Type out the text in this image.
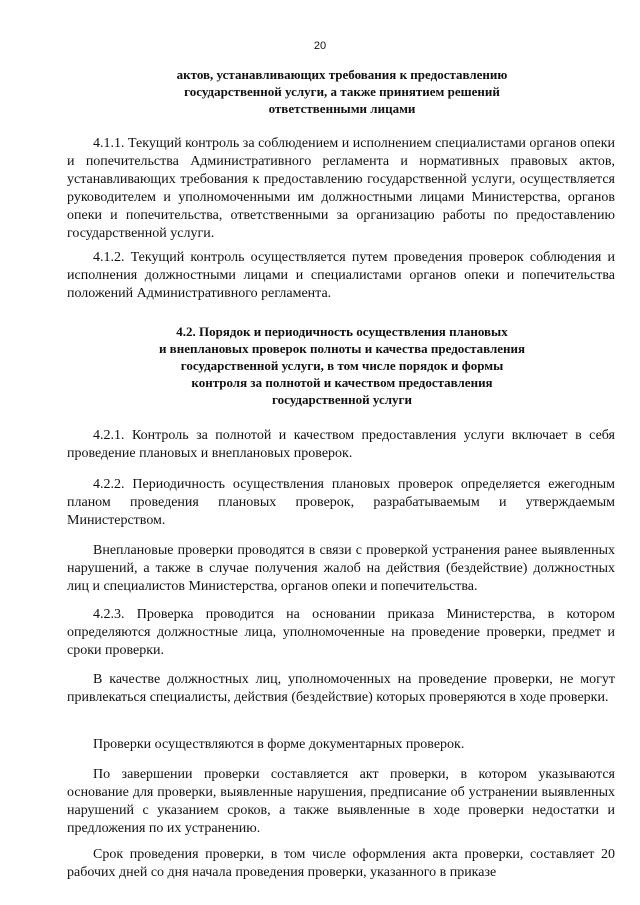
20
актов, устанавливающих требования к предоставлению
государственной услуги, а также принятием решений
ответственными лицами

4.1.1. Текущий контроль за соблюдением и исполнением специалистами органов опеки и попечительства Административного регламента и нормативных правовых актов, устанавливающих требования к предоставлению государственной услуги, осуществляется руководителем и уполномоченными им должностными лицами Министерства, органов опеки и попечительства, ответственными за организацию работы по предоставлению государственной услуги.

4.1.2. Текущий контроль осуществляется путем проведения проверок соблюдения и исполнения должностными лицами и специалистами органов опеки и попечительства положений Административного регламента.

4.2. Порядок и периодичность осуществления плановых
и внеплановых проверок полноты и качества предоставления
государственной услуги, в том числе порядок и формы
контроля за полнотой и качеством предоставления
государственной услуги

4.2.1. Контроль за полнотой и качеством предоставления услуги включает в себя проведение плановых и внеплановых проверок.

4.2.2. Периодичность осуществления плановых проверок определяется ежегодным планом проведения плановых проверок, разрабатываемым и утверждаемым Министерством.

Внеплановые проверки проводятся в связи с проверкой устранения ранее выявленных нарушений, а также в случае получения жалоб на действия (бездействие) должностных лиц и специалистов Министерства, органов опеки и попечительства.

4.2.3. Проверка проводится на основании приказа Министерства, в котором определяются должностные лица, уполномоченные на проведение проверки, предмет и сроки проверки.

В качестве должностных лиц, уполномоченных на проведение проверки, не могут привлекаться специалисты, действия (бездействие) которых проверяются в ходе проверки.

Проверки осуществляются в форме документарных проверок.

По завершении проверки составляется акт проверки, в котором указываются основание для проверки, выявленные нарушения, предписание об устранении выявленных нарушений с указанием сроков, а также выявленные в ходе проверки недостатки и предложения по их устранению.

Срок проведения проверки, в том числе оформления акта проверки, составляет 20 рабочих дней со дня начала проведения проверки, указанного в приказе
